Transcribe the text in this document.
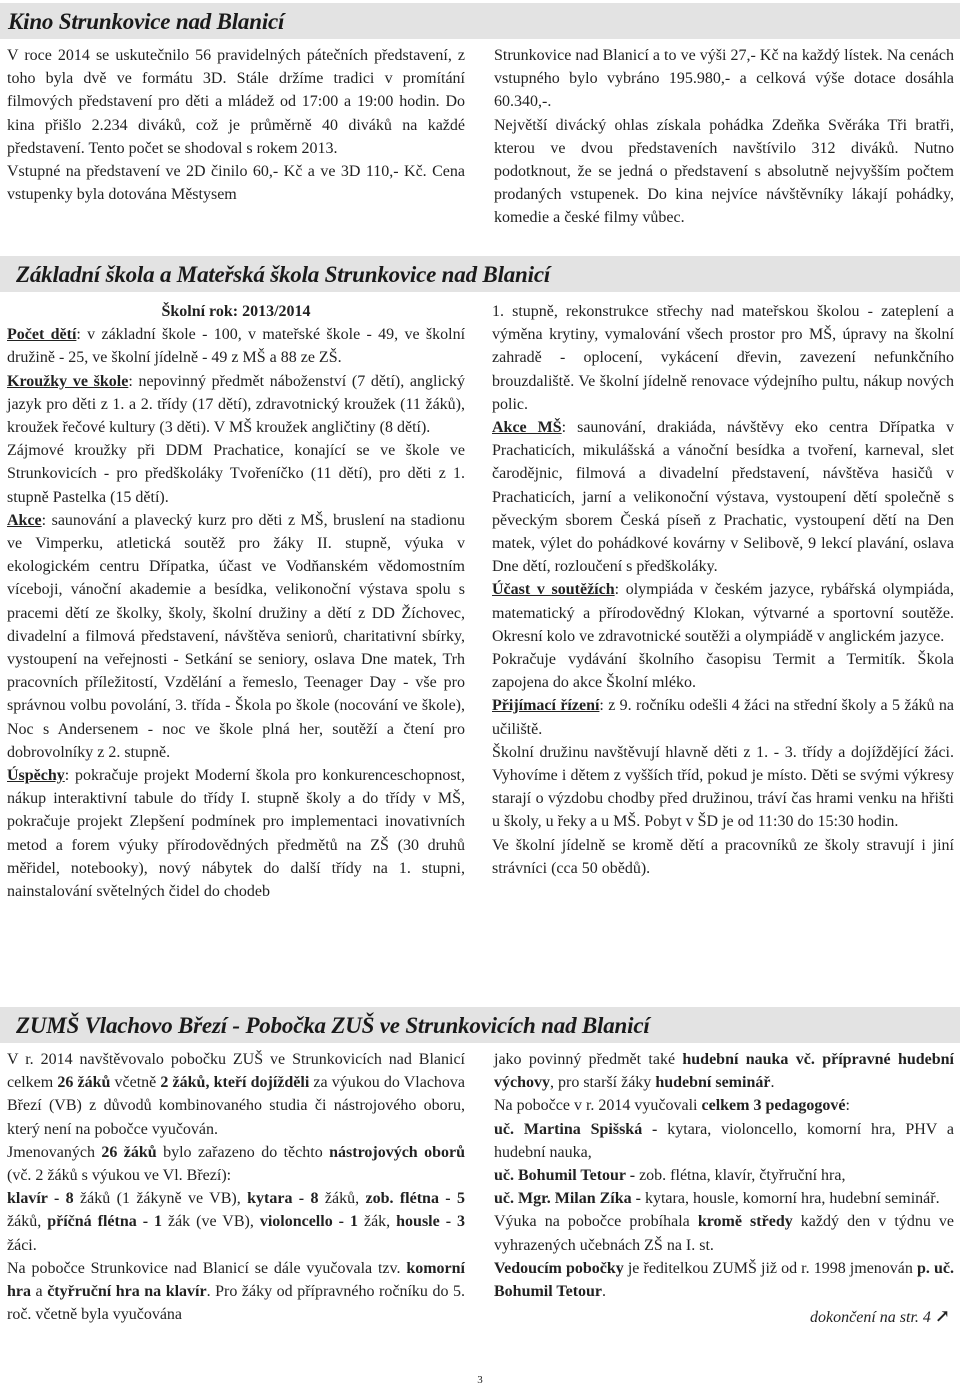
Kino Strunkovice nad Blanicí

V roce 2014 se uskutečnilo 56 pravidelných pátečních představení, z toho byla dvě ve formátu 3D. Stále držíme tradici v promítání filmových představení pro děti a mládež od 17:00 a 19:00 hodin. Do kina přišlo 2.234 diváků, což je průměrně 40 diváků na každé představení. Tento počet se shodoval s rokem 2013.

Vstupné na představení ve 2D činilo 60,- Kč a ve 3D 110,- Kč. Cena vstupenky byla dotována Městysem

Strunkovice nad Blanicí a to ve výši 27,- Kč na každý lístek. Na cenách vstupného bylo vybráno 195.980,- a celková výše dotace dosáhla 60.340,-.

Největší divácký ohlas získala pohádka Zdeňka Svěráka Tři bratři, kterou ve dvou představeních navštívilo 312 diváků. Nutno podotknout, že se jedná o představení s absolutně nejvyšším počtem prodaných vstupenek. Do kina nejvíce návštěvníky lákají pohádky, komedie a české filmy vůbec.

Základní škola a Mateřská škola Strunkovice nad Blanicí

Školní rok: 2013/2014

Počet dětí: v základní škole - 100, v mateřské škole - 49, ve školní družině - 25, ve školní jídelně - 49 z MŠ a 88 ze ZŠ.

Kroužky ve škole: nepovinný předmět náboženství (7 dětí), anglický jazyk pro děti z 1. a 2. třídy (17 dětí), zdravotnický kroužek (11 žáků), kroužek řečové kultury (3 děti). V MŠ kroužek angličtiny (8 dětí).

Zájmové kroužky při DDM Prachatice, konající se ve škole ve Strunkovicích - pro předškoláky Tvořeníčko (11 dětí), pro děti z 1. stupně Pastelka (15 dětí).

Akce: saunování a plavecký kurz pro děti z MŠ, bruslení na stadionu ve Vimperku, atletická soutěž pro žáky II. stupně, výuka v ekologickém centru Dřípatka, účast ve Vodňanském vědomostním víceboji, vánoční akademie a besídka, velikonoční výstava spolu s pracemi dětí ze školky, školy, školní družiny a dětí z DD Žíchovec, divadelní a filmová představení, návštěva seniorů, charitativní sbírky, vystoupení na veřejnosti - Setkání se seniory, oslava Dne matek, Trh pracovních příležitostí, Vzdělání a řemeslo, Teenager Day - vše pro správnou volbu povolání, 3. třída - Škola po škole (nocování ve škole), Noc s Andersenem - noc ve škole plná her, soutěží a čtení pro dobrovolníky z 2. stupně.

Úspěchy: pokračuje projekt Moderní škola pro konkurenceschopnost, nákup interaktivní tabule do třídy I. stupně školy a do třídy v MŠ, pokračuje projekt Zlepšení podmínek pro implementaci inovativních metod a forem výuky přírodovědných předmětů na ZŠ (30 druhů měřidel, notebooky), nový nábytek do další třídy na 1. stupni, nainstalování světelných čidel do chodeb

1. stupně, rekonstrukce střechy nad mateřskou školou - zateplení a výměna krytiny, vymalování všech prostor pro MŠ, úpravy na školní zahradě - oplocení, vykácení dřevin, zavezení nefunkčního brouzdaliště. Ve školní jídelně renovace výdejního pultu, nákup nových polic.

Akce MŠ: saunování, drakiáda, návštěvy eko centra Dřípatka v Prachaticích, mikulášská a vánoční besídka a tvoření, karneval, slet čarodějnic, filmová a divadelní představení, návštěva hasičů v Prachaticích, jarní a velikonoční výstava, vystoupení dětí společně s pěveckým sborem Česká píseň z Prachatic, vystoupení dětí na Den matek, výlet do pohádkové kovárny v Selibově, 9 lekcí plavání, oslava Dne dětí, rozloučení s předškoláky.

Účast v soutěžích: olympiáda v českém jazyce, rybářská olympiáda, matematický a přírodovědný Klokan, výtvarné a sportovní soutěže. Okresní kolo ve zdravotnické soutěži a olympiádě v anglickém jazyce.

Pokračuje vydávání školního časopisu Termit a Termitík. Škola zapojena do akce Školní mléko.

Přijímací řízení: z 9. ročníku odešli 4 žáci na střední školy a 5 žáků na učiliště.

Školní družinu navštěvují hlavně děti z 1. - 3. třídy a dojíždějící žáci. Vyhovíme i dětem z vyšších tříd, pokud je místo. Děti se svými výkresy starají o výzdobu chodby před družinou, tráví čas hrami venku na hřišti u školy, u řeky a u MŠ. Pobyt v ŠD je od 11:30 do 15:30 hodin.

Ve školní jídelně se kromě dětí a pracovníků ze školy stravují i jiní strávníci (cca 50 obědů).

ZUMŠ Vlachovo Březí - Pobočka ZUŠ ve Strunkovicích nad Blanicí

V r. 2014 navštěvovalo pobočku ZUŠ ve Strunkovicích nad Blanicí celkem 26 žáků včetně 2 žáků, kteří dojížděli za výukou do Vlachova Březí (VB) z důvodů kombinovaného studia či nástrojového oboru, který není na pobočce vyučován.

Jmenovaných 26 žáků bylo zařazeno do těchto nástrojových oborů (vč. 2 žáků s výukou ve Vl. Březí):

klavír - 8 žáků (1 žákyně ve VB), kytara - 8 žáků, zob. flétna - 5 žáků, příčná flétna - 1 žák (ve VB), violoncello - 1 žák, housle - 3 žáci.

Na pobočce Strunkovice nad Blanicí se dále vyučovala tzv. komorní hra a čtyřruční hra na klavír. Pro žáky od přípravného ročníku do 5. roč. včetně byla vyučována

jako povinný předmět také hudební nauka vč. přípravné hudební výchovy, pro starší žáky hudební seminář.

Na pobočce v r. 2014 vyučovali celkem 3 pedagogové:

uč. Martina Spišská - kytara, violoncello, komorní hra, PHV a hudební nauka,

uč. Bohumil Tetour - zob. flétna, klavír, čtyřruční hra,

uč. Mgr. Milan Zíka - kytara, housle, komorní hra, hudební seminář.

Výuka na pobočce probíhala kromě středy každý den v týdnu ve vyhrazených učebnách ZŠ na I. st.

Vedoucím pobočky je ředitelkou ZUMŠ již od r. 1998 jmenován p. uč. Bohumil Tetour.

dokončení na str. 4 ↗

3
